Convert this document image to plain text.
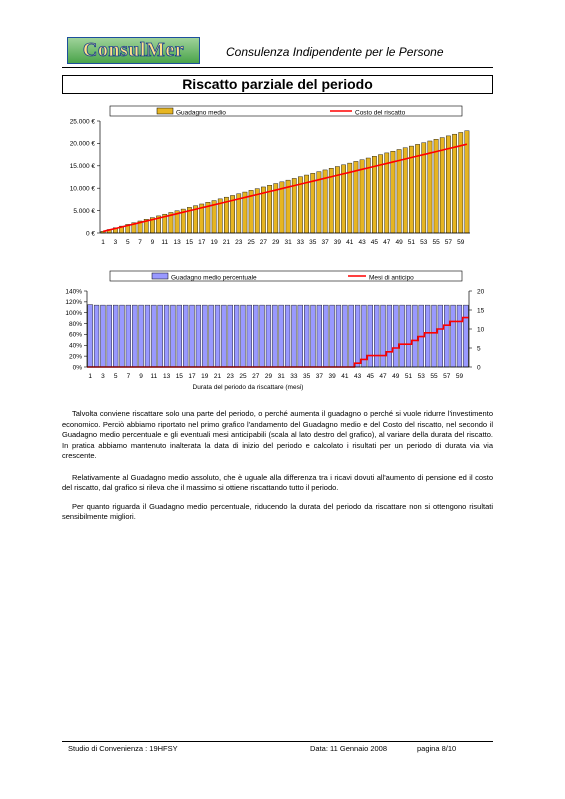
ConsulMer	Consulenza Indipendente per le Persone
Riscatto parziale del periodo
Guadagno medio	Costo del riscatto
0 €
5.000 €
10.000 €
15.000 €
20.000 €
25.000 €
1 3 5 7 9 11 13 15 17 19 21 23 25 27 29 31 33 35 37 39 41 43 45 47 49 51 53 55 57 59
Guadagno medio percentuale	Mesi di anticipo
0%
20%
40%
60%
80%
100%
120%
140%
0
5
10
15
20
1 3 5 7 9 11 13 15 17 19 21 23 25 27 29 31 33 35 37 39 41 43 45 47 49 51 53 55 57 59
Durata del periodo da riscattare (mesi)

Talvolta conviene riscattare solo una parte del periodo, o perché aumenta il guadagno o perché si vuole ridurre l'investimento economico. Perciò abbiamo riportato nel primo grafico l'andamento del Guadagno medio e del Costo del riscatto, nel secondo il Guadagno medio percentuale e gli eventuali mesi anticipabili (scala al lato destro del grafico), al variare della durata del riscatto. In pratica abbiamo mantenuto inalterata la data di inizio del periodo e calcolato i risultati per un periodo di durata via via crescente.

Relativamente al Guadagno medio assoluto, che è uguale alla differenza tra i ricavi dovuti all'aumento di pensione ed il costo del riscatto, dal grafico si rileva che il massimo si ottiene riscattando tutto il periodo.

Per quanto riguarda il Guadagno medio percentuale, riducendo la durata del periodo da riscattare non si ottengono risultati sensibilmente migliori.

Studio di Convenienza : 19HFSY	Data: 11 Gennaio 2008	pagina 8/10
